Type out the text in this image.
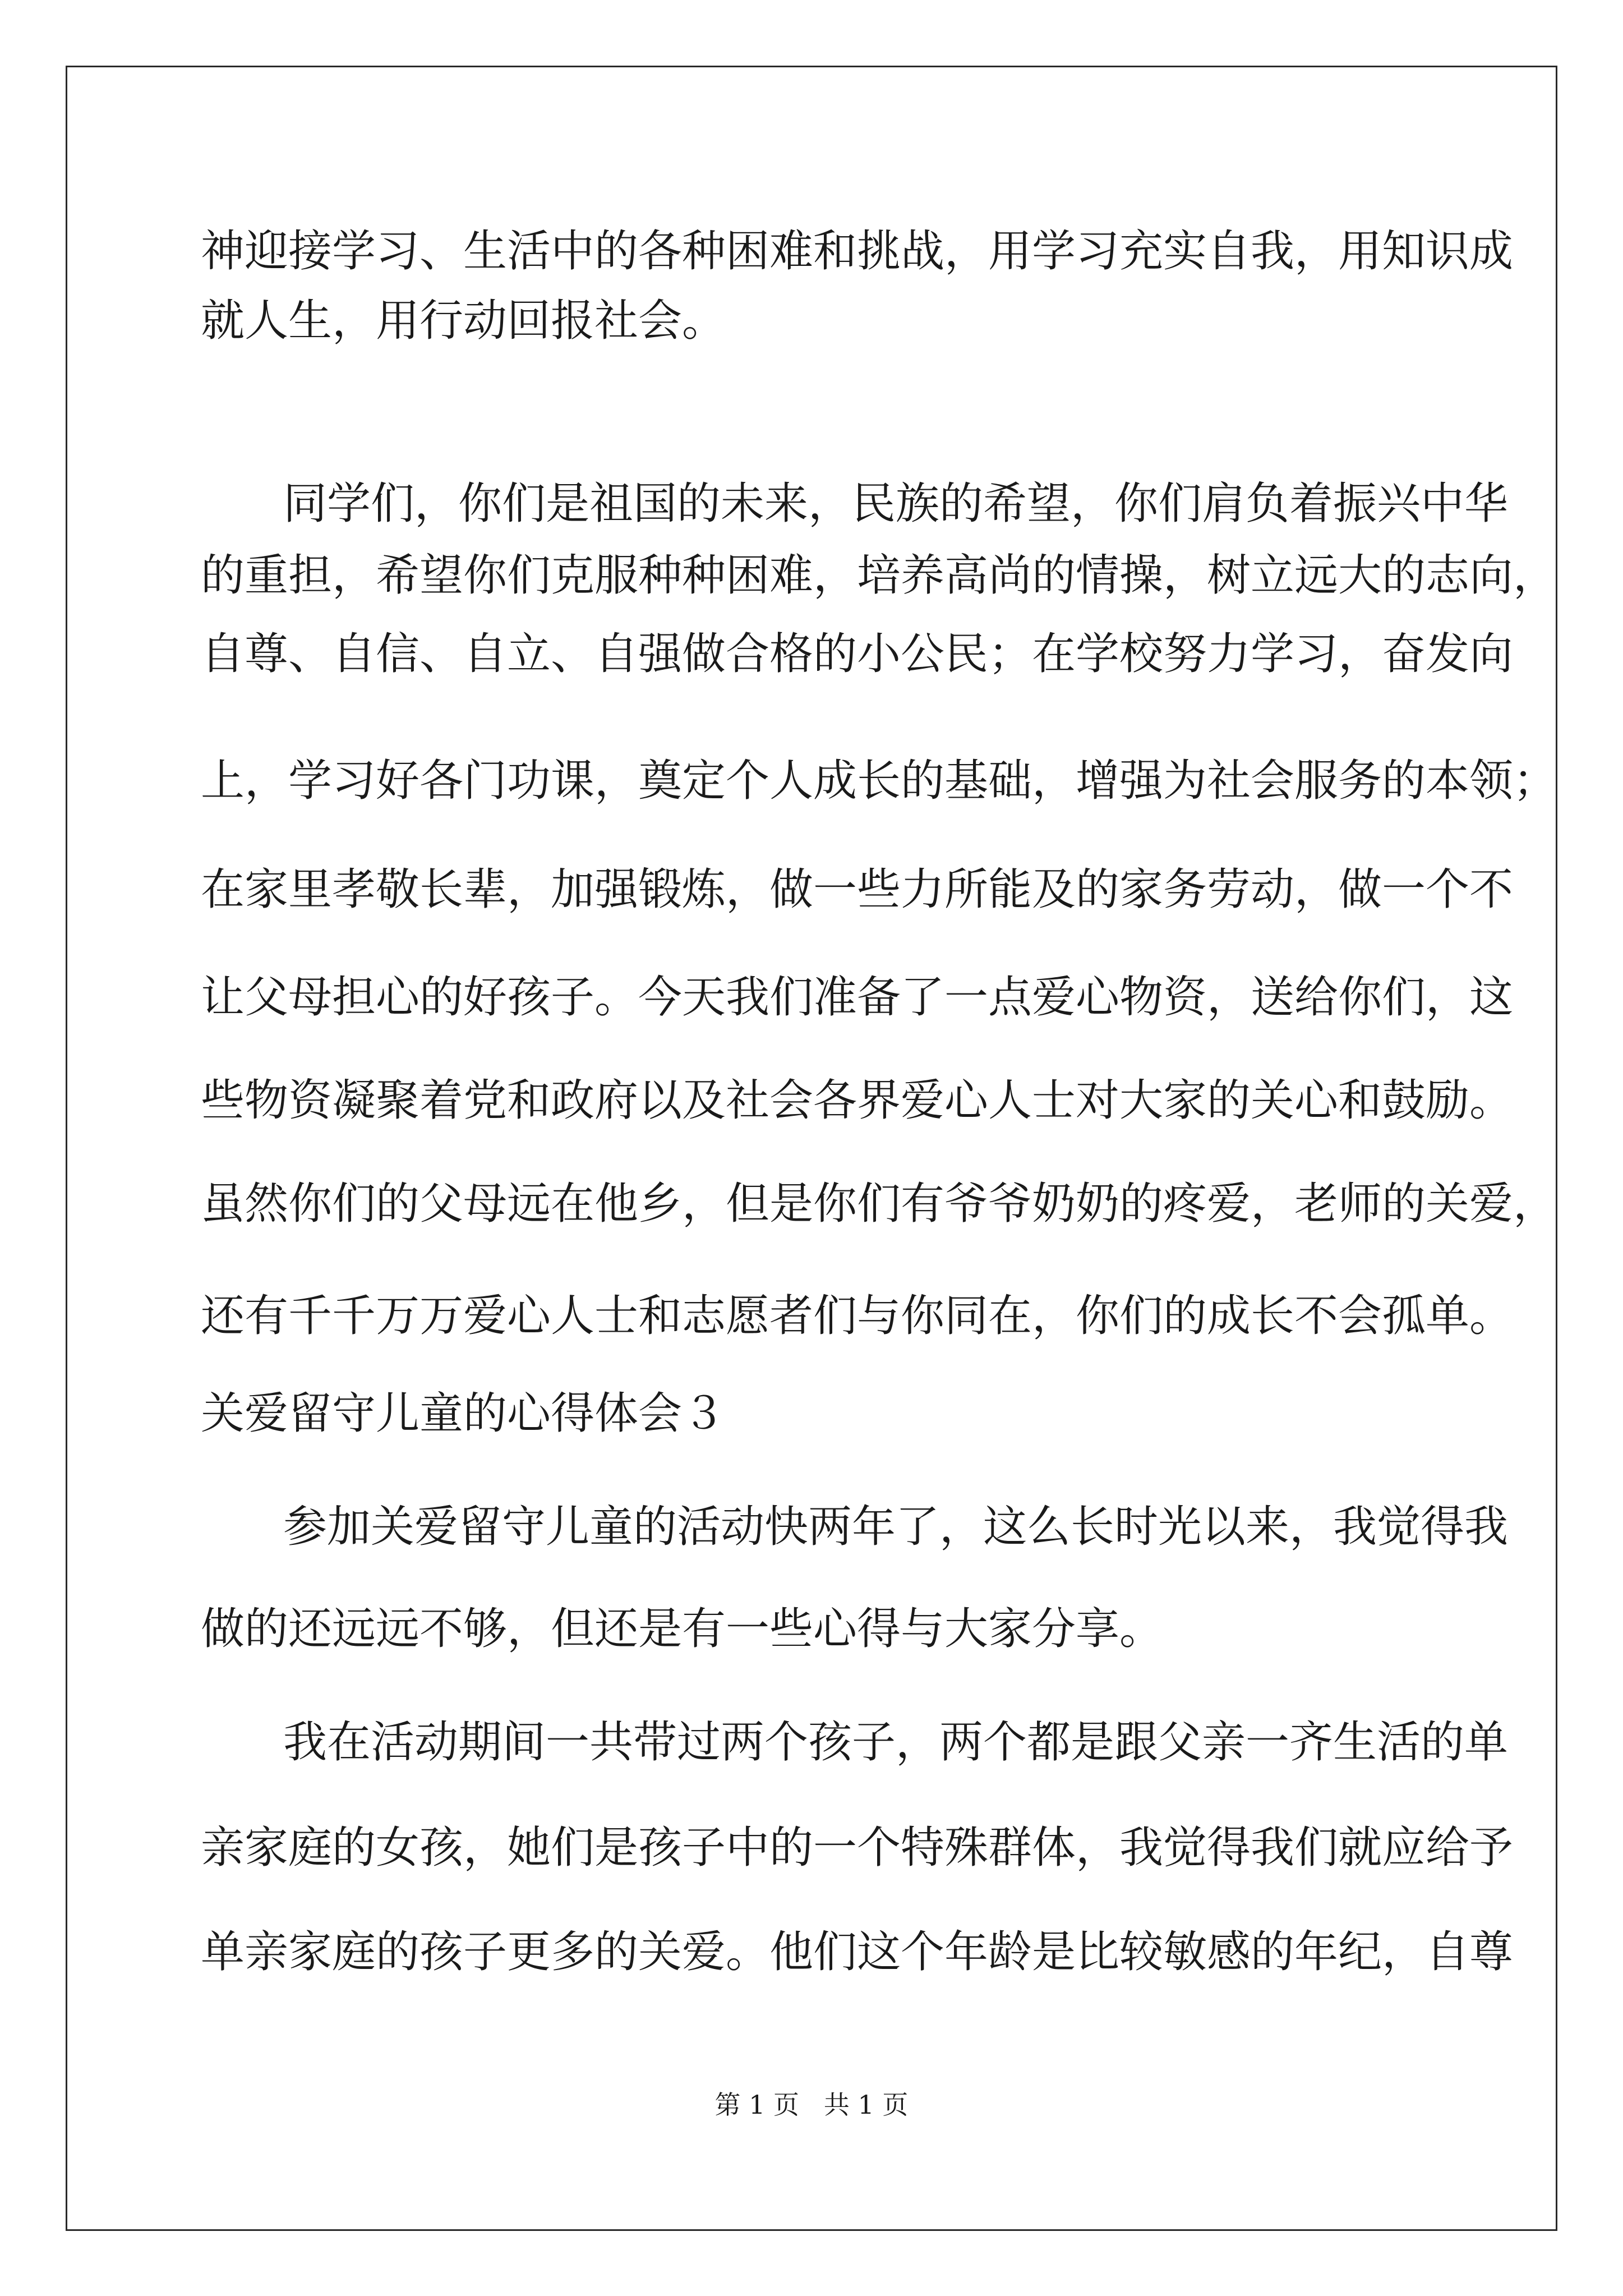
神迎接学习、生活中的各种困难和挑战，用学习充实自我，用知识成
就人生，用行动回报社会。
同学们，你们是祖国的未来，民族的希望，你们肩负着振兴中华
的重担，希望你们克服种种困难，培养高尚的情操，树立远大的志向，
自尊、自信、自立、自强做合格的小公民；在学校努力学习，奋发向
上，学习好各门功课，奠定个人成长的基础，增强为社会服务的本领；
在家里孝敬长辈，加强锻炼，做一些力所能及的家务劳动，做一个不
让父母担心的好孩子。今天我们准备了一点爱心物资，送给你们，这
些物资凝聚着党和政府以及社会各界爱心人士对大家的关心和鼓励。
虽然你们的父母远在他乡，但是你们有爷爷奶奶的疼爱，老师的关爱，
还有千千万万爱心人士和志愿者们与你同在，你们的成长不会孤单。
关爱留守儿童的心得体会３
参加关爱留守儿童的活动快两年了，这么长时光以来，我觉得我
做的还远远不够，但还是有一些心得与大家分享。
我在活动期间一共带过两个孩子，两个都是跟父亲一齐生活的单
亲家庭的女孩，她们是孩子中的一个特殊群体，我觉得我们就应给予
单亲家庭的孩子更多的关爱。他们这个年龄是比较敏感的年纪，自尊
第 1 页   共 1 页
